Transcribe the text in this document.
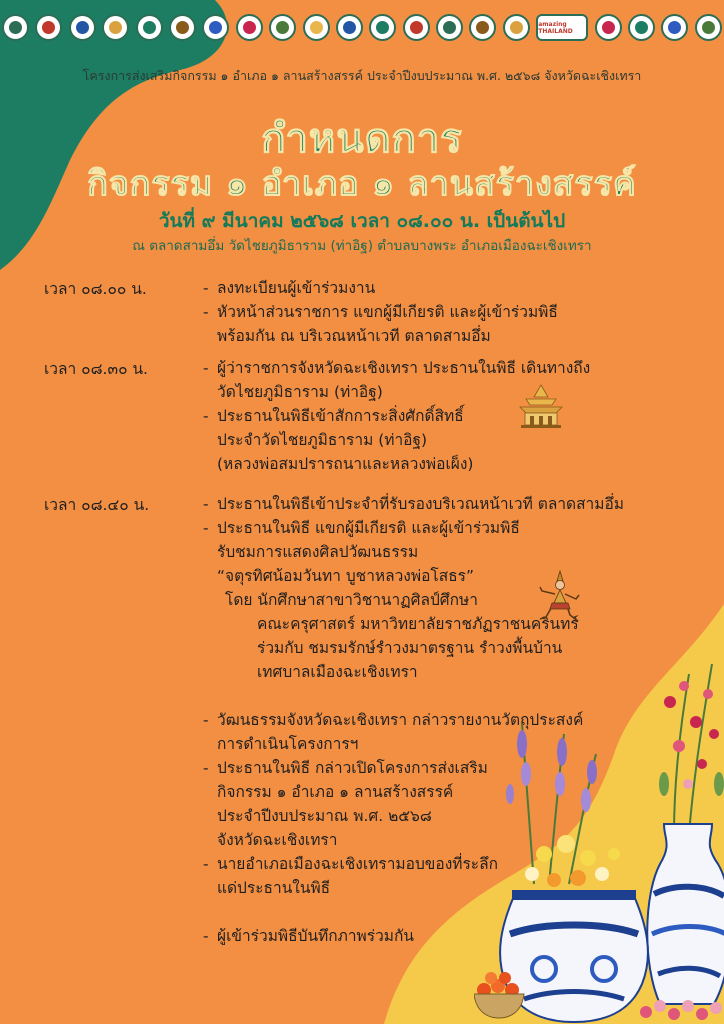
amazing THAILAND
โครงการส่งเสริมกิจกรรม ๑ อำเภอ ๑ ลานสร้างสรรค์ ประจำปีงบประมาณ พ.ศ. ๒๕๖๘ จังหวัดฉะเชิงเทรา
กำหนดการ
กิจกรรม ๑ อำเภอ ๑ ลานสร้างสรรค์
วันที่ ๙ มีนาคม ๒๕๖๘ เวลา ๐๘.๐๐ น. เป็นต้นไป
ณ ตลาดสามอึ่ม วัดไชยภูมิธาราม (ท่าอิฐ) ตำบลบางพระ อำเภอเมืองฉะเชิงเทรา
เวลา ๐๘.๐๐ น.
เวลา ๐๘.๓๐ น.
เวลา ๐๘.๔๐ น.
- ลงทะเบียนผู้เข้าร่วมงาน
- หัวหน้าส่วนราชการ แขกผู้มีเกียรติ และผู้เข้าร่วมพิธี
พร้อมกัน ณ บริเวณหน้าเวที ตลาดสามอึ่ม
- ผู้ว่าราชการจังหวัดฉะเชิงเทรา ประธานในพิธี เดินทางถึง
วัดไชยภูมิธาราม (ท่าอิฐ)
- ประธานในพิธีเข้าสักการะสิ่งศักดิ์สิทธิ์
ประจำวัดไชยภูมิธาราม (ท่าอิฐ)
(หลวงพ่อสมปรารถนาและหลวงพ่อเผ็ง)
- ประธานในพิธีเข้าประจำที่รับรองบริเวณหน้าเวที ตลาดสามอึ่ม
- ประธานในพิธี แขกผู้มีเกียรติ และผู้เข้าร่วมพิธี
รับชมการแสดงศิลปวัฒนธรรม
“จตุรทิศน้อมวันทา บูชาหลวงพ่อโสธร”
โดย นักศึกษาสาขาวิชานาฏศิลป์ศึกษา
คณะครุศาสตร์ มหาวิทยาลัยราชภัฏราชนครินทร์
ร่วมกับ ชมรมรักษ์รำวงมาตรฐาน รำวงพื้นบ้าน
เทศบาลเมืองฉะเชิงเทรา
- วัฒนธรรมจังหวัดฉะเชิงเทรา กล่าวรายงานวัตถุประสงค์
การดำเนินโครงการฯ
- ประธานในพิธี กล่าวเปิดโครงการส่งเสริม
กิจกรรม ๑ อำเภอ ๑ ลานสร้างสรรค์
ประจำปีงบประมาณ พ.ศ. ๒๕๖๘
จังหวัดฉะเชิงเทรา
- นายอำเภอเมืองฉะเชิงเทรามอบของที่ระลึก
แด่ประธานในพิธี
- ผู้เข้าร่วมพิธีบันทึกภาพร่วมกัน
